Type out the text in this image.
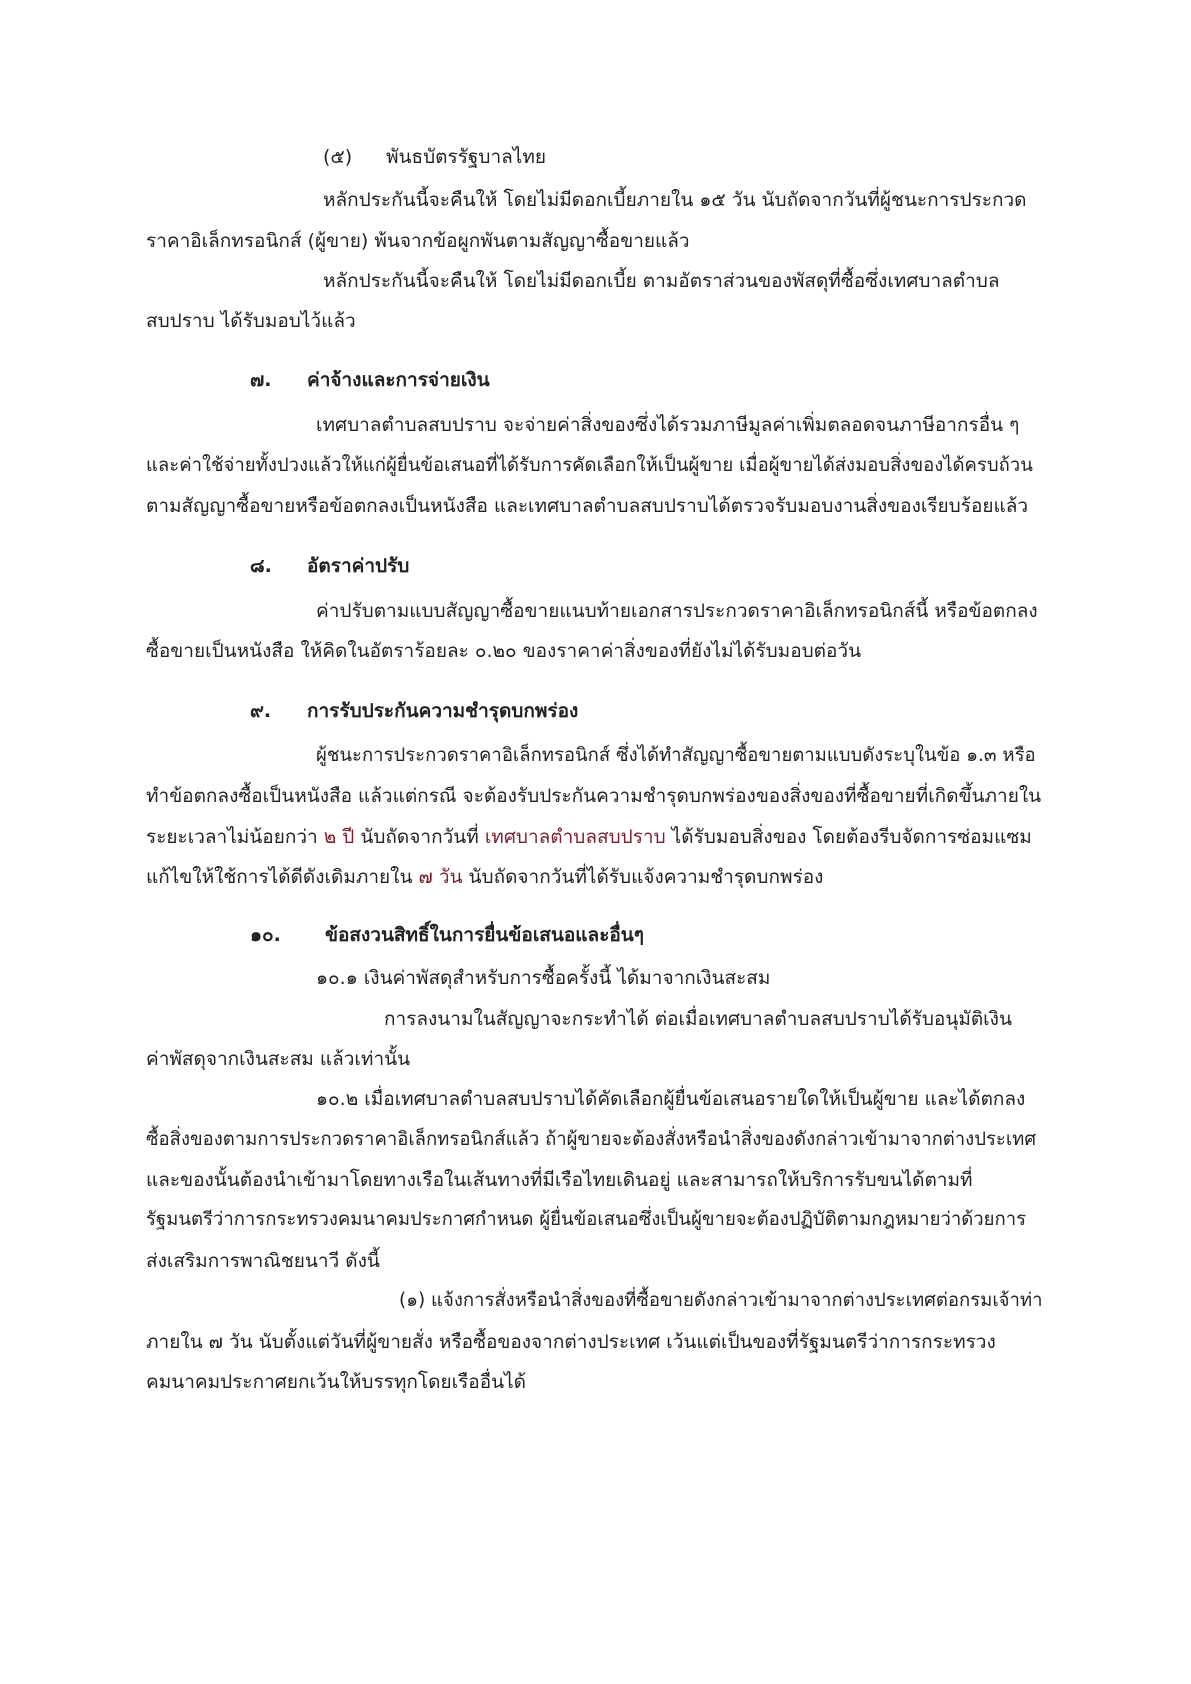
(๕) พันธบัตรรัฐบาลไทย
หลักประกันนี้จะคืนให้ โดยไม่มีดอกเบี้ยภายใน ๑๕ วัน นับถัดจากวันที่ผู้ชนะการประกวด
ราคาอิเล็กทรอนิกส์ (ผู้ขาย) พ้นจากข้อผูกพันตามสัญญาซื้อขายแล้ว
หลักประกันนี้จะคืนให้ โดยไม่มีดอกเบี้ย ตามอัตราส่วนของพัสดุที่ซื้อซึ่งเทศบาลตำบล
สบปราบ ได้รับมอบไว้แล้ว
๗. ค่าจ้างและการจ่ายเงิน
เทศบาลตำบลสบปราบ จะจ่ายค่าสิ่งของซึ่งได้รวมภาษีมูลค่าเพิ่มตลอดจนภาษีอากรอื่น ๆ
และค่าใช้จ่ายทั้งปวงแล้วให้แก่ผู้ยื่นข้อเสนอที่ได้รับการคัดเลือกให้เป็นผู้ขาย เมื่อผู้ขายได้ส่งมอบสิ่งของได้ครบถ้วน
ตามสัญญาซื้อขายหรือข้อตกลงเป็นหนังสือ และเทศบาลตำบลสบปราบได้ตรวจรับมอบงานสิ่งของเรียบร้อยแล้ว
๘. อัตราค่าปรับ
ค่าปรับตามแบบสัญญาซื้อขายแนบท้ายเอกสารประกวดราคาอิเล็กทรอนิกส์นี้ หรือข้อตกลง
ซื้อขายเป็นหนังสือ ให้คิดในอัตราร้อยละ ๐.๒๐ ของราคาค่าสิ่งของที่ยังไม่ได้รับมอบต่อวัน
๙. การรับประกันความชำรุดบกพร่อง
ผู้ชนะการประกวดราคาอิเล็กทรอนิกส์ ซึ่งได้ทำสัญญาซื้อขายตามแบบดังระบุในข้อ ๑.๓ หรือ
ทำข้อตกลงซื้อเป็นหนังสือ แล้วแต่กรณี จะต้องรับประกันความชำรุดบกพร่องของสิ่งของที่ซื้อขายที่เกิดขึ้นภายใน
ระยะเวลาไม่น้อยกว่า ๒ ปี นับถัดจากวันที่ เทศบาลตำบลสบปราบ ได้รับมอบสิ่งของ โดยต้องรีบจัดการซ่อมแซม
แก้ไขให้ใช้การได้ดีดังเดิมภายใน ๗ วัน นับถัดจากวันที่ได้รับแจ้งความชำรุดบกพร่อง
๑๐. ข้อสงวนสิทธิ์ในการยื่นข้อเสนอและอื่นๆ
๑๐.๑ เงินค่าพัสดุสำหรับการซื้อครั้งนี้ ได้มาจากเงินสะสม
การลงนามในสัญญาจะกระทำได้ ต่อเมื่อเทศบาลตำบลสบปราบได้รับอนุมัติเงิน
ค่าพัสดุจากเงินสะสม แล้วเท่านั้น
๑๐.๒ เมื่อเทศบาลตำบลสบปราบได้คัดเลือกผู้ยื่นข้อเสนอรายใดให้เป็นผู้ขาย และได้ตกลง
ซื้อสิ่งของตามการประกวดราคาอิเล็กทรอนิกส์แล้ว ถ้าผู้ขายจะต้องสั่งหรือนำสิ่งของดังกล่าวเข้ามาจากต่างประเทศ
และของนั้นต้องนำเข้ามาโดยทางเรือในเส้นทางที่มีเรือไทยเดินอยู่ และสามารถให้บริการรับขนได้ตามที่
รัฐมนตรีว่าการกระทรวงคมนาคมประกาศกำหนด ผู้ยื่นข้อเสนอซึ่งเป็นผู้ขายจะต้องปฏิบัติตามกฎหมายว่าด้วยการ
ส่งเสริมการพาณิชยนาวี ดังนี้
(๑) แจ้งการสั่งหรือนำสิ่งของที่ซื้อขายดังกล่าวเข้ามาจากต่างประเทศต่อกรมเจ้าท่า
ภายใน ๗ วัน นับตั้งแต่วันที่ผู้ขายสั่ง หรือซื้อของจากต่างประเทศ เว้นแต่เป็นของที่รัฐมนตรีว่าการกระทรวง
คมนาคมประกาศยกเว้นให้บรรทุกโดยเรืออื่นได้
